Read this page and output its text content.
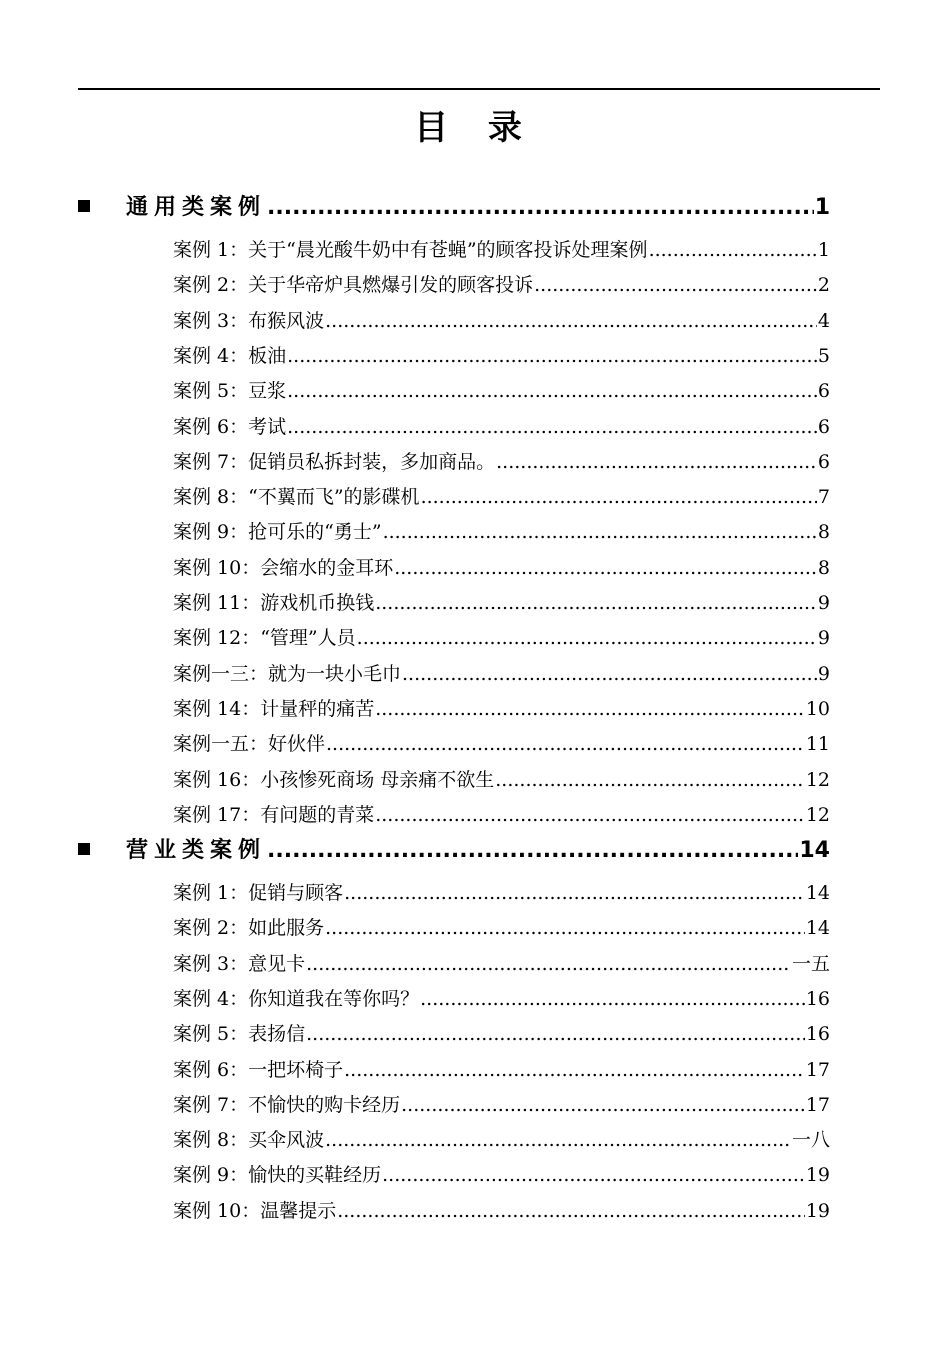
目 录
通用类案例 .....	1
案例 1：关于“晨光酸牛奶中有苍蝇”的顾客投诉处理案例 .....	1
案例 2：关于华帝炉具燃爆引发的顾客投诉 .....	2
案例 3：布猴风波 .....	4
案例 4：板油 .....	5
案例 5：豆浆 .....	6
案例 6：考试 .....	6
案例 7：促销员私拆封装，多加商品。 .....	6
案例 8：“不翼而飞”的影碟机 .....	7
案例 9：抢可乐的“勇士” .....	8
案例 10：会缩水的金耳环 .....	8
案例 11：游戏机币换钱 .....	9
案例 12：“管理”人员 .....	9
案例一三：就为一块小毛巾 .....	9
案例 14：计量秤的痛苦 .....	10
案例一五：好伙伴 .....	11
案例 16：小孩惨死商场 母亲痛不欲生 .....	12
案例 17：有问题的青菜 .....	12
营业类案例 .....	14
案例 1：促销与顾客 .....	14
案例 2：如此服务 .....	14
案例 3：意见卡 .....	一五
案例 4：你知道我在等你吗？ .....	16
案例 5：表扬信 .....	16
案例 6：一把坏椅子 .....	17
案例 7：不愉快的购卡经历 .....	17
案例 8：买伞风波 .....	一八
案例 9：愉快的买鞋经历 .....	19
案例 10：温馨提示 .....	19
